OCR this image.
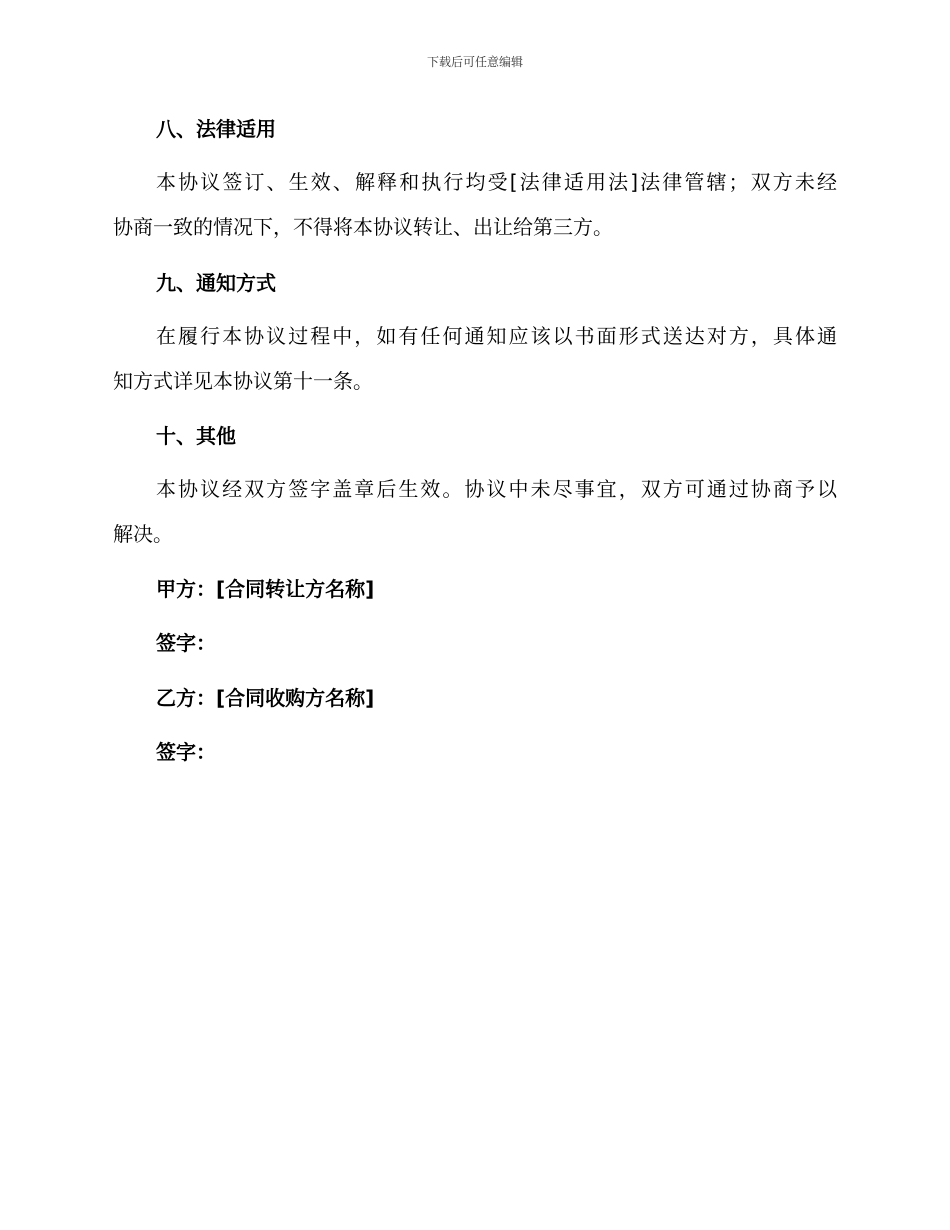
下载后可任意编辑
八、法律适用
本协议签订、生效、解释和执行均受[法律适用法]法律管辖；双方未经
协商一致的情况下，不得将本协议转让、出让给第三方。
九、通知方式
在履行本协议过程中，如有任何通知应该以书面形式送达对方，具体通
知方式详见本协议第十一条。
十、其他
本协议经双方签字盖章后生效。协议中未尽事宜，双方可通过协商予以
解决。
甲方：[合同转让方名称]
签字：
乙方：[合同收购方名称]
签字：
